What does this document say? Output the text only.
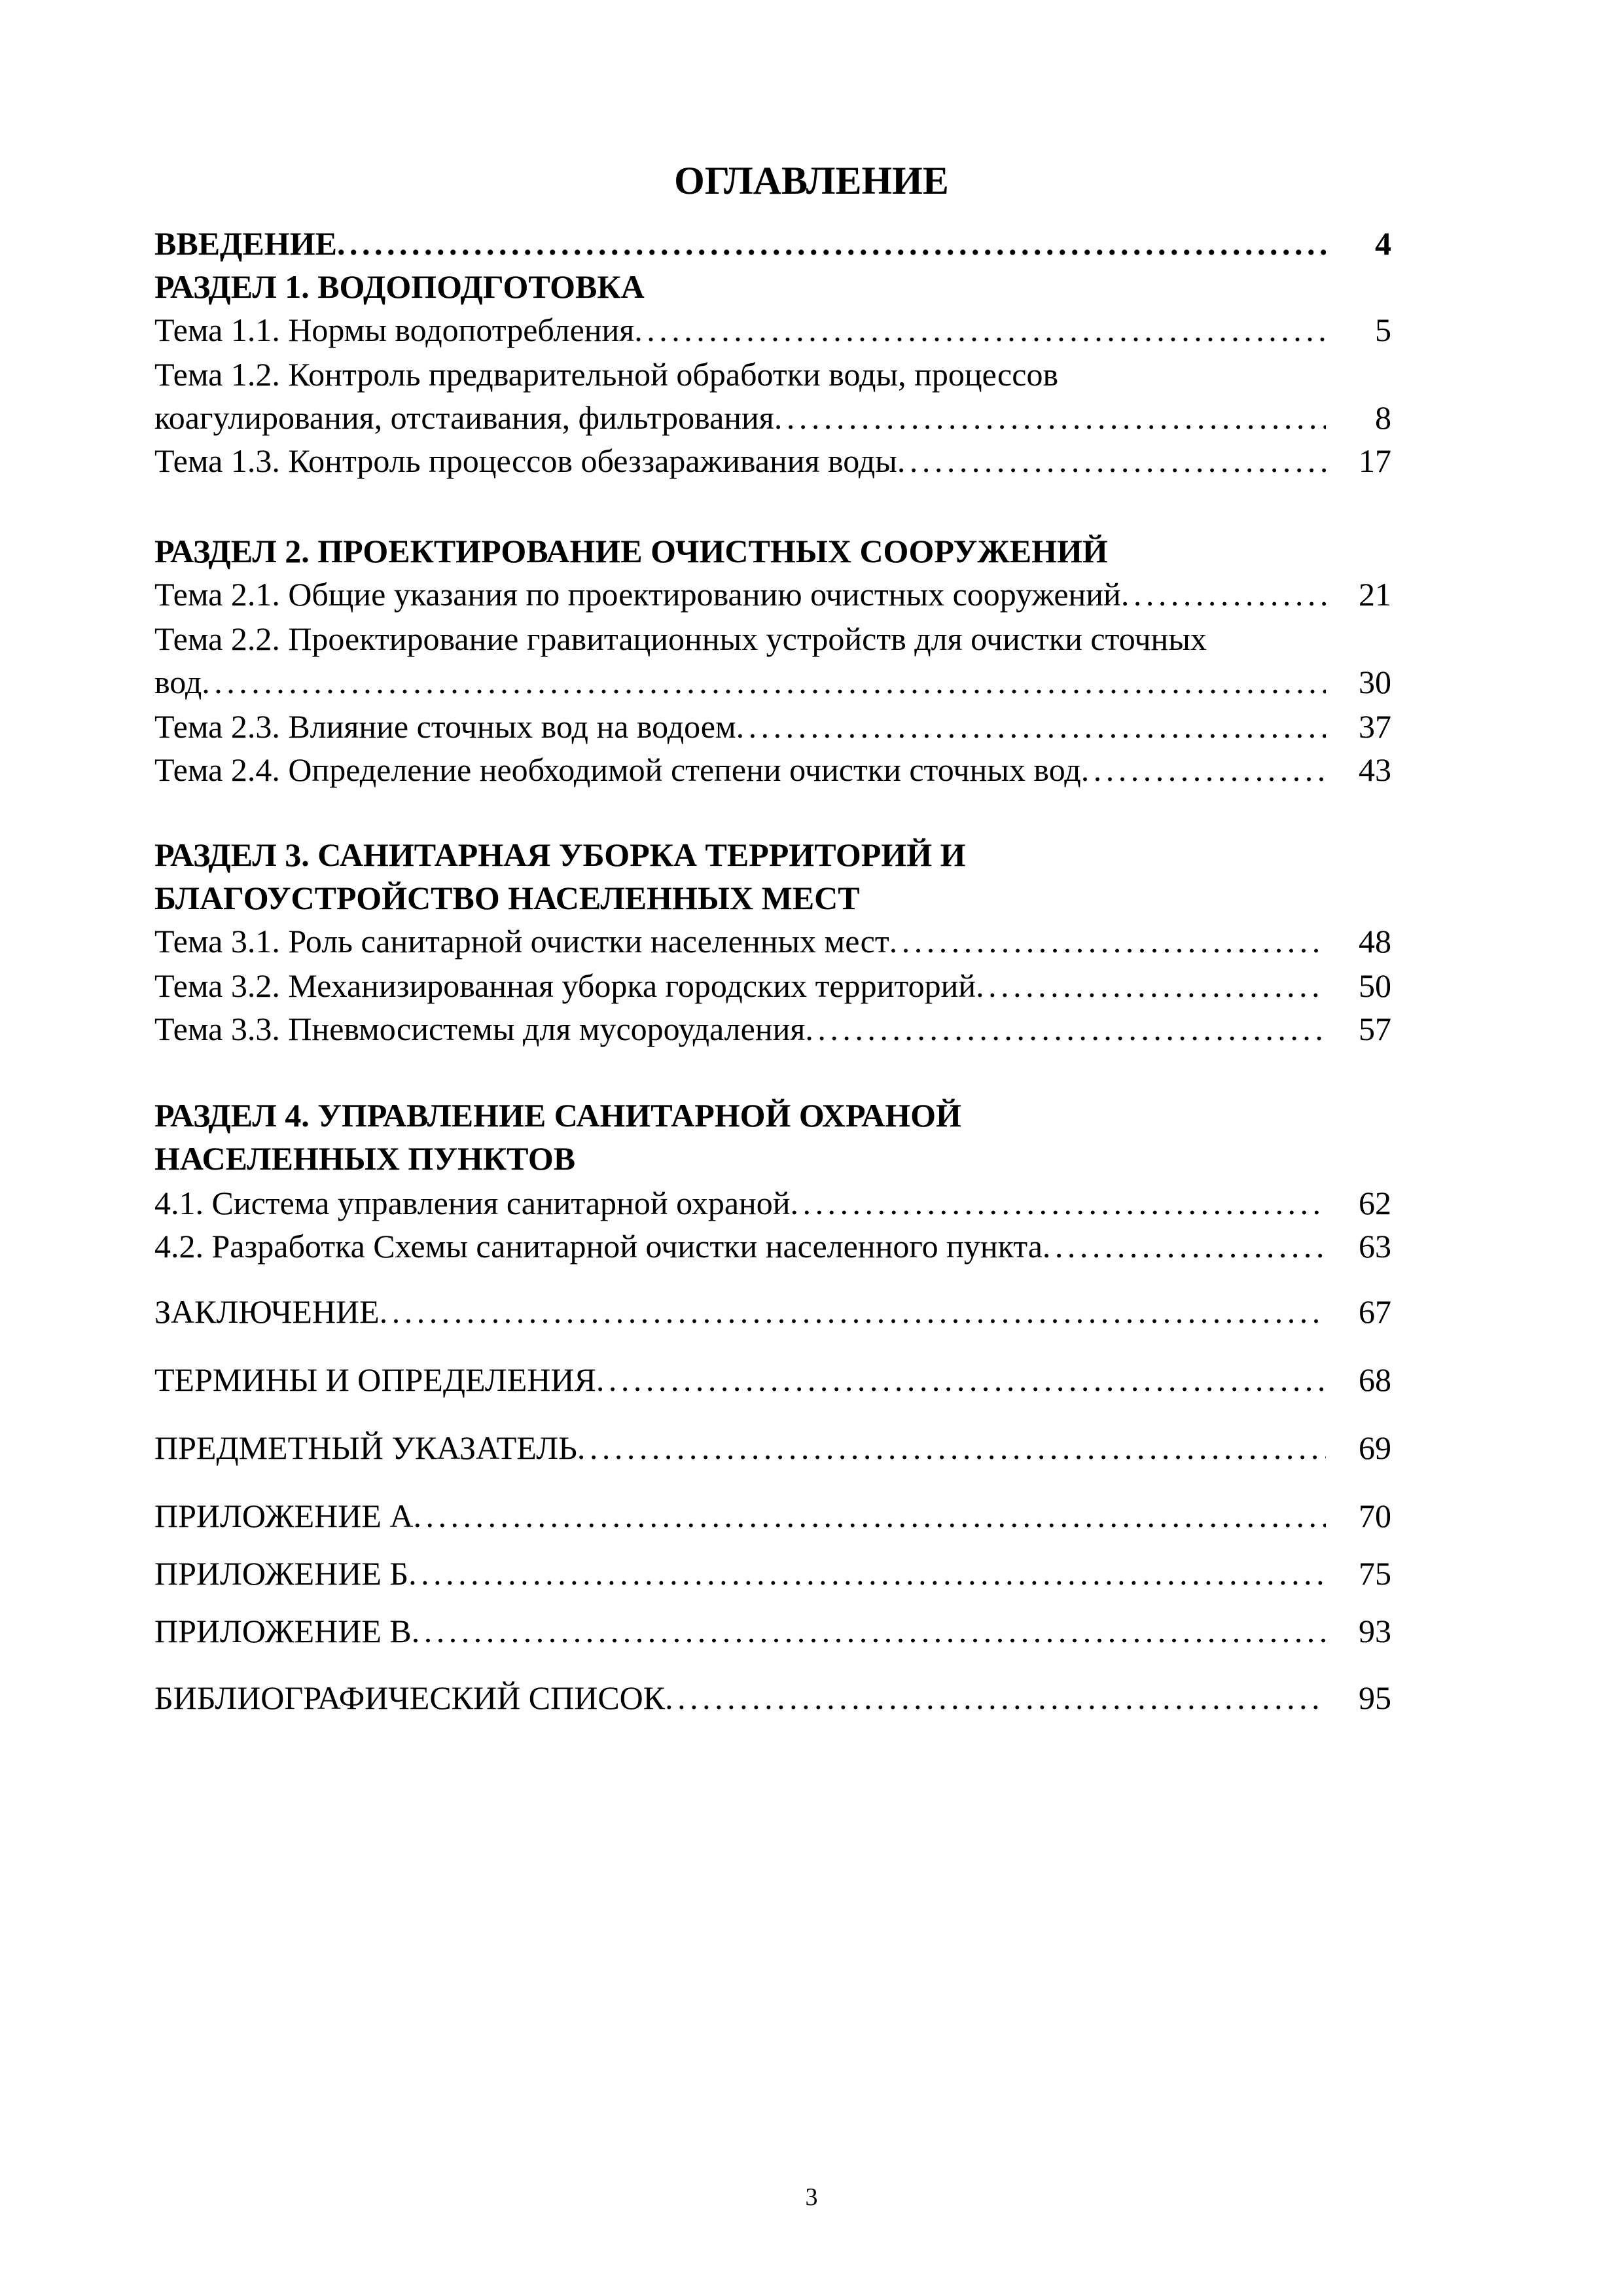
ОГЛАВЛЕНИЕ
ВВЕДЕНИЕ . . .	4
РАЗДЕЛ 1. ВОДОПОДГОТОВКА
Тема 1.1. Нормы водопотребления . . .	5
Тема 1.2. Контроль предварительной обработки воды, процессов
коагулирования, отстаивания, фильтрования . . .	8
Тема 1.3. Контроль процессов обеззараживания воды . . .	17
РАЗДЕЛ 2. ПРОЕКТИРОВАНИЕ ОЧИСТНЫХ СООРУЖЕНИЙ
Тема 2.1. Общие указания по проектированию очистных сооружений . . .	21
Тема 2.2. Проектирование гравитационных устройств для очистки сточных
вод . . .	30
Тема 2.3. Влияние сточных вод на водоем . . .	37
Тема 2.4. Определение необходимой степени очистки сточных вод . . .	43
РАЗДЕЛ 3. САНИТАРНАЯ УБОРКА ТЕРРИТОРИЙ И
БЛАГОУСТРОЙСТВО НАСЕЛЕННЫХ МЕСТ
Тема 3.1. Роль санитарной очистки населенных мест . . .	48
Тема 3.2. Механизированная уборка городских территорий . . .	50
Тема 3.3. Пневмосистемы для мусороудаления . . .	57
РАЗДЕЛ 4. УПРАВЛЕНИЕ САНИТАРНОЙ ОХРАНОЙ
НАСЕЛЕННЫХ ПУНКТОВ
4.1. Система управления санитарной охраной . . .	62
4.2. Разработка Схемы санитарной очистки населенного пункта . . .	63
ЗАКЛЮЧЕНИЕ . . .	67
ТЕРМИНЫ И ОПРЕДЕЛЕНИЯ . . .	68
ПРЕДМЕТНЫЙ УКАЗАТЕЛЬ . . .	69
ПРИЛОЖЕНИЕ А . . .	70
ПРИЛОЖЕНИЕ Б . . .	75
ПРИЛОЖЕНИЕ В . . .	93
БИБЛИОГРАФИЧЕСКИЙ СПИСОК . . .	95
3
